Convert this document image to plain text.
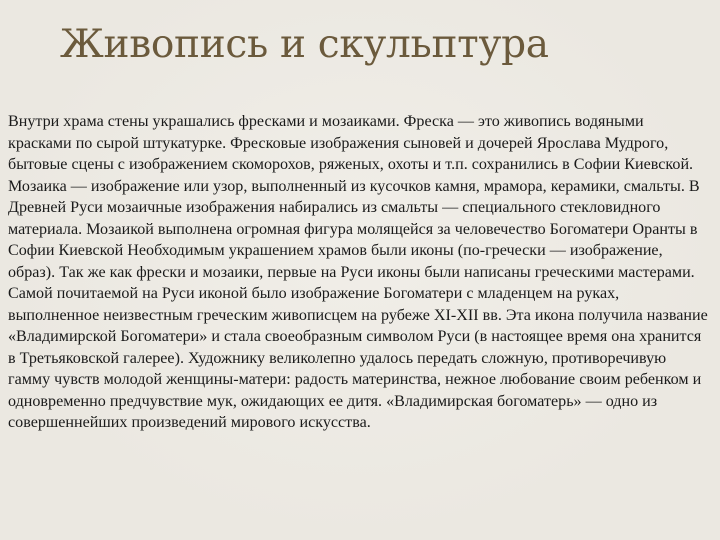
Живопись и скульптура

Внутри храма стены украшались фресками и мозаиками. Фреска — это живопись водяными красками по сырой штукатурке. Фресковые изображения сыновей и дочерей Ярослава Мудрого, бытовые сцены с изображением скоморохов, ряженых, охоты и т.п. сохранились в Софии Киевской. Мозаика — изображение или узор, выполненный из кусочков камня, мрамора, керамики, смальты. В Древней Руси мозаичные изображения набирались из смальты — специального стекловидного материала. Мозаикой выполнена огромная фигура молящейся за человечество Богоматери Оранты в Софии Киевской Необходимым украшением храмов были иконы (по-гречески — изображение, образ). Так же как фрески и мозаики, первые на Руси иконы были написаны греческими мастерами. Самой почитаемой на Руси иконой было изображение Богоматери с младенцем на руках, выполненное неизвестным греческим живописцем на рубеже XI-XII вв. Эта икона получила название «Владимирской Богоматери» и стала своеобразным символом Руси (в настоящее время она хранится в Третьяковской галерее). Художнику великолепно удалось передать сложную, противоречивую гамму чувств молодой женщины-матери: радость материнства, нежное любование своим ребенком и одновременно предчувствие мук, ожидающих ее дитя. «Владимирская богоматерь» — одно из совершеннейших произведений мирового искусства.
